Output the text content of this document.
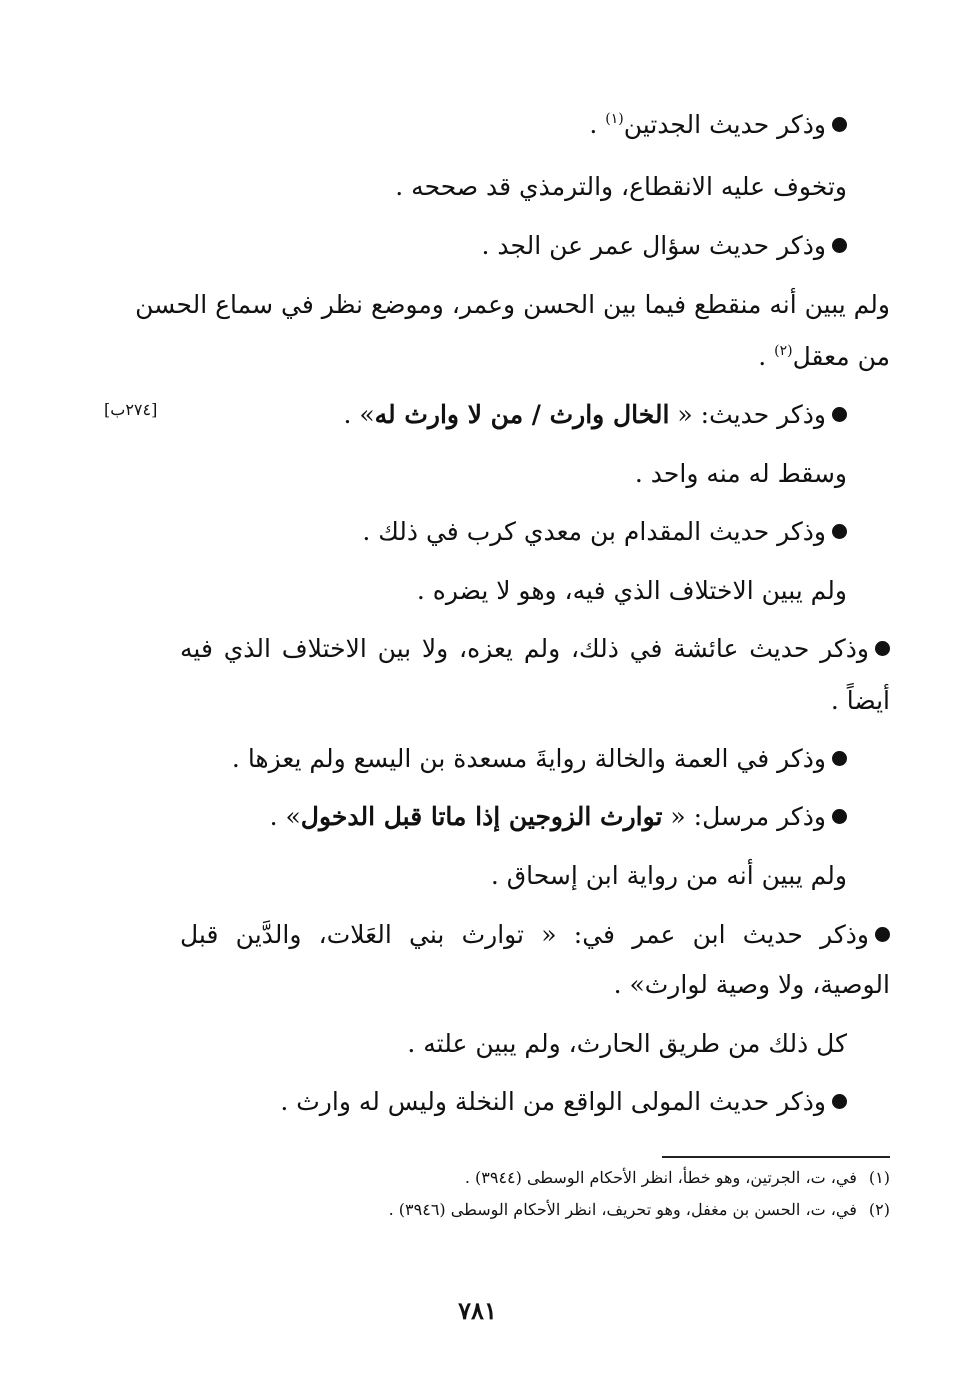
وذكر حديث الجدتين$^{(١)}$ .
وتخوف عليه الانقطاع، والترمذي قد صححه .
وذكر حديث سؤال عمر عن الجد .
ولم يبين أنه منقطع فيما بين الحسن وعمر، وموضع نظر في سماع الحسن
من معقل$^{(٢)}$ .
وذكر حديث: « الخال وارث / من لا وارث له» .
[٢٧٤ب]
وسقط له منه واحد .
وذكر حديث المقدام بن معدي كرب في ذلك .
ولم يبين الاختلاف الذي فيه، وهو لا يضره .
وذكر حديث عائشة في ذلك، ولم يعزه، ولا بين الاختلاف الذي فيه
أيضاً .
وذكر في العمة والخالة روايةَ مسعدة بن اليسع ولم يعزها .
وذكر مرسل: « توارث الزوجين إذا ماتا قبل الدخول» .
ولم يبين أنه من رواية ابن إسحاق .
وذكر حديث ابن عمر في: « توارث بني العَلات، والدَّين قبل
الوصية، ولا وصية لوارث» .
كل ذلك من طريق الحارث، ولم يبين علته .
وذكر حديث المولى الواقع من النخلة وليس له وارث .
(١)في، ت، الجرتين، وهو خطأ، انظر الأحكام الوسطى (٣٩٤٤) .
(٢)في، ت، الحسن بن مغفل، وهو تحريف، انظر الأحكام الوسطى (٣٩٤٦) .
٧٨١
